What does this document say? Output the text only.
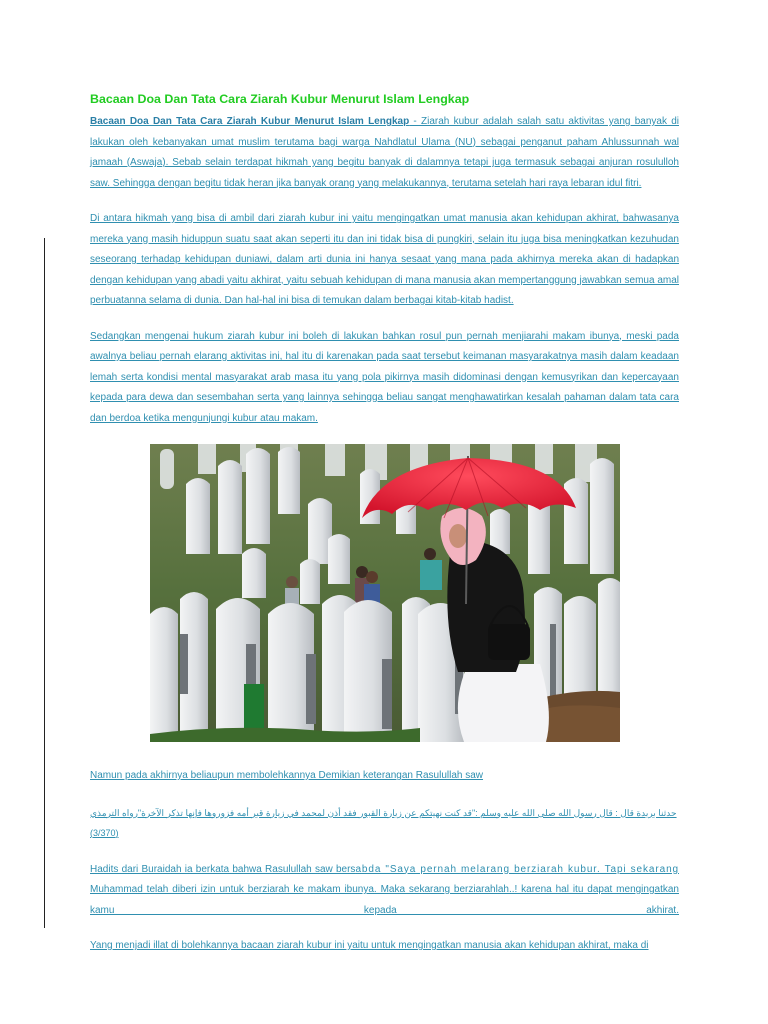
Bacaan Doa Dan Tata Cara Ziarah Kubur Menurut Islam Lengkap

Bacaan Doa Dan Tata Cara Ziarah Kubur Menurut Islam Lengkap - Ziarah kubur adalah salah satu aktivitas yang banyak di lakukan oleh kebanyakan umat muslim terutama bagi warga Nahdlatul Ulama (NU) sebagai penganut paham Ahlussunnah wal jamaah (Aswaja). Sebab selain terdapat hikmah yang begitu banyak di dalamnya tetapi juga termasuk sebagai anjuran rosululloh saw. Sehingga dengan begitu tidak heran jika banyak orang yang melakukannya, terutama setelah hari raya lebaran idul fitri.

Di antara hikmah yang bisa di ambil dari ziarah kubur ini yaitu mengingatkan umat manusia akan kehidupan akhirat, bahwasanya mereka yang masih hiduppun suatu saat akan seperti itu dan ini tidak bisa di pungkiri, selain itu juga bisa meningkatkan kezuhudan seseorang terhadap kehidupan duniawi, dalam arti dunia ini hanya sesaat yang mana pada akhirnya mereka akan di hadapkan dengan kehidupan yang abadi yaitu akhirat, yaitu sebuah kehidupan di mana manusia akan mempertanggung jawabkan semua amal perbuatanna selama di dunia. Dan hal-hal ini bisa di temukan dalam berbagai kitab-kitab hadist.

Sedangkan mengenai hukum ziarah kubur ini boleh di lakukan bahkan rosul pun pernah menjiarahi makam ibunya, meski pada awalnya beliau pernah elarang aktivitas ini, hal itu di karenakan pada saat tersebut keimanan masyarakatnya masih dalam keadaan lemah serta kondisi mental masyarakat arab masa itu yang pola pikirnya masih didominasi dengan kemusyrikan dan kepercayaan kepada para dewa dan sesembahan serta yang lainnya sehingga beliau sangat menghawatirkan kesalah pahaman dalam tata cara dan berdoa ketika mengunjungi kubur atau makam.

Namun pada akhirnya beliaupun membolehkannya Demikian keterangan Rasulullah saw

حدثنا بريدة قال : قال رسول الله صلى الله عليه وسلم :"قد كنت نهيتكم عن زيارة القبور فقد أذن لمحمد في زيارة قبر أمه فزوروها فإنها تذكر الآخرة"رواه الترمذي (3/370)

Hadits dari Buraidah ia berkata bahwa Rasulullah saw bersabda "Saya pernah melarang berziarah kubur. Tapi sekarang Muhammad telah diberi izin untuk berziarah ke makam ibunya. Maka sekarang berziarahlah..! karena hal itu dapat mengingatkan kamu kepada akhirat.

Yang menjadi illat di bolehkannya bacaan ziarah kubur ini yaitu untuk mengingatkan manusia akan kehidupan akhirat, maka di
